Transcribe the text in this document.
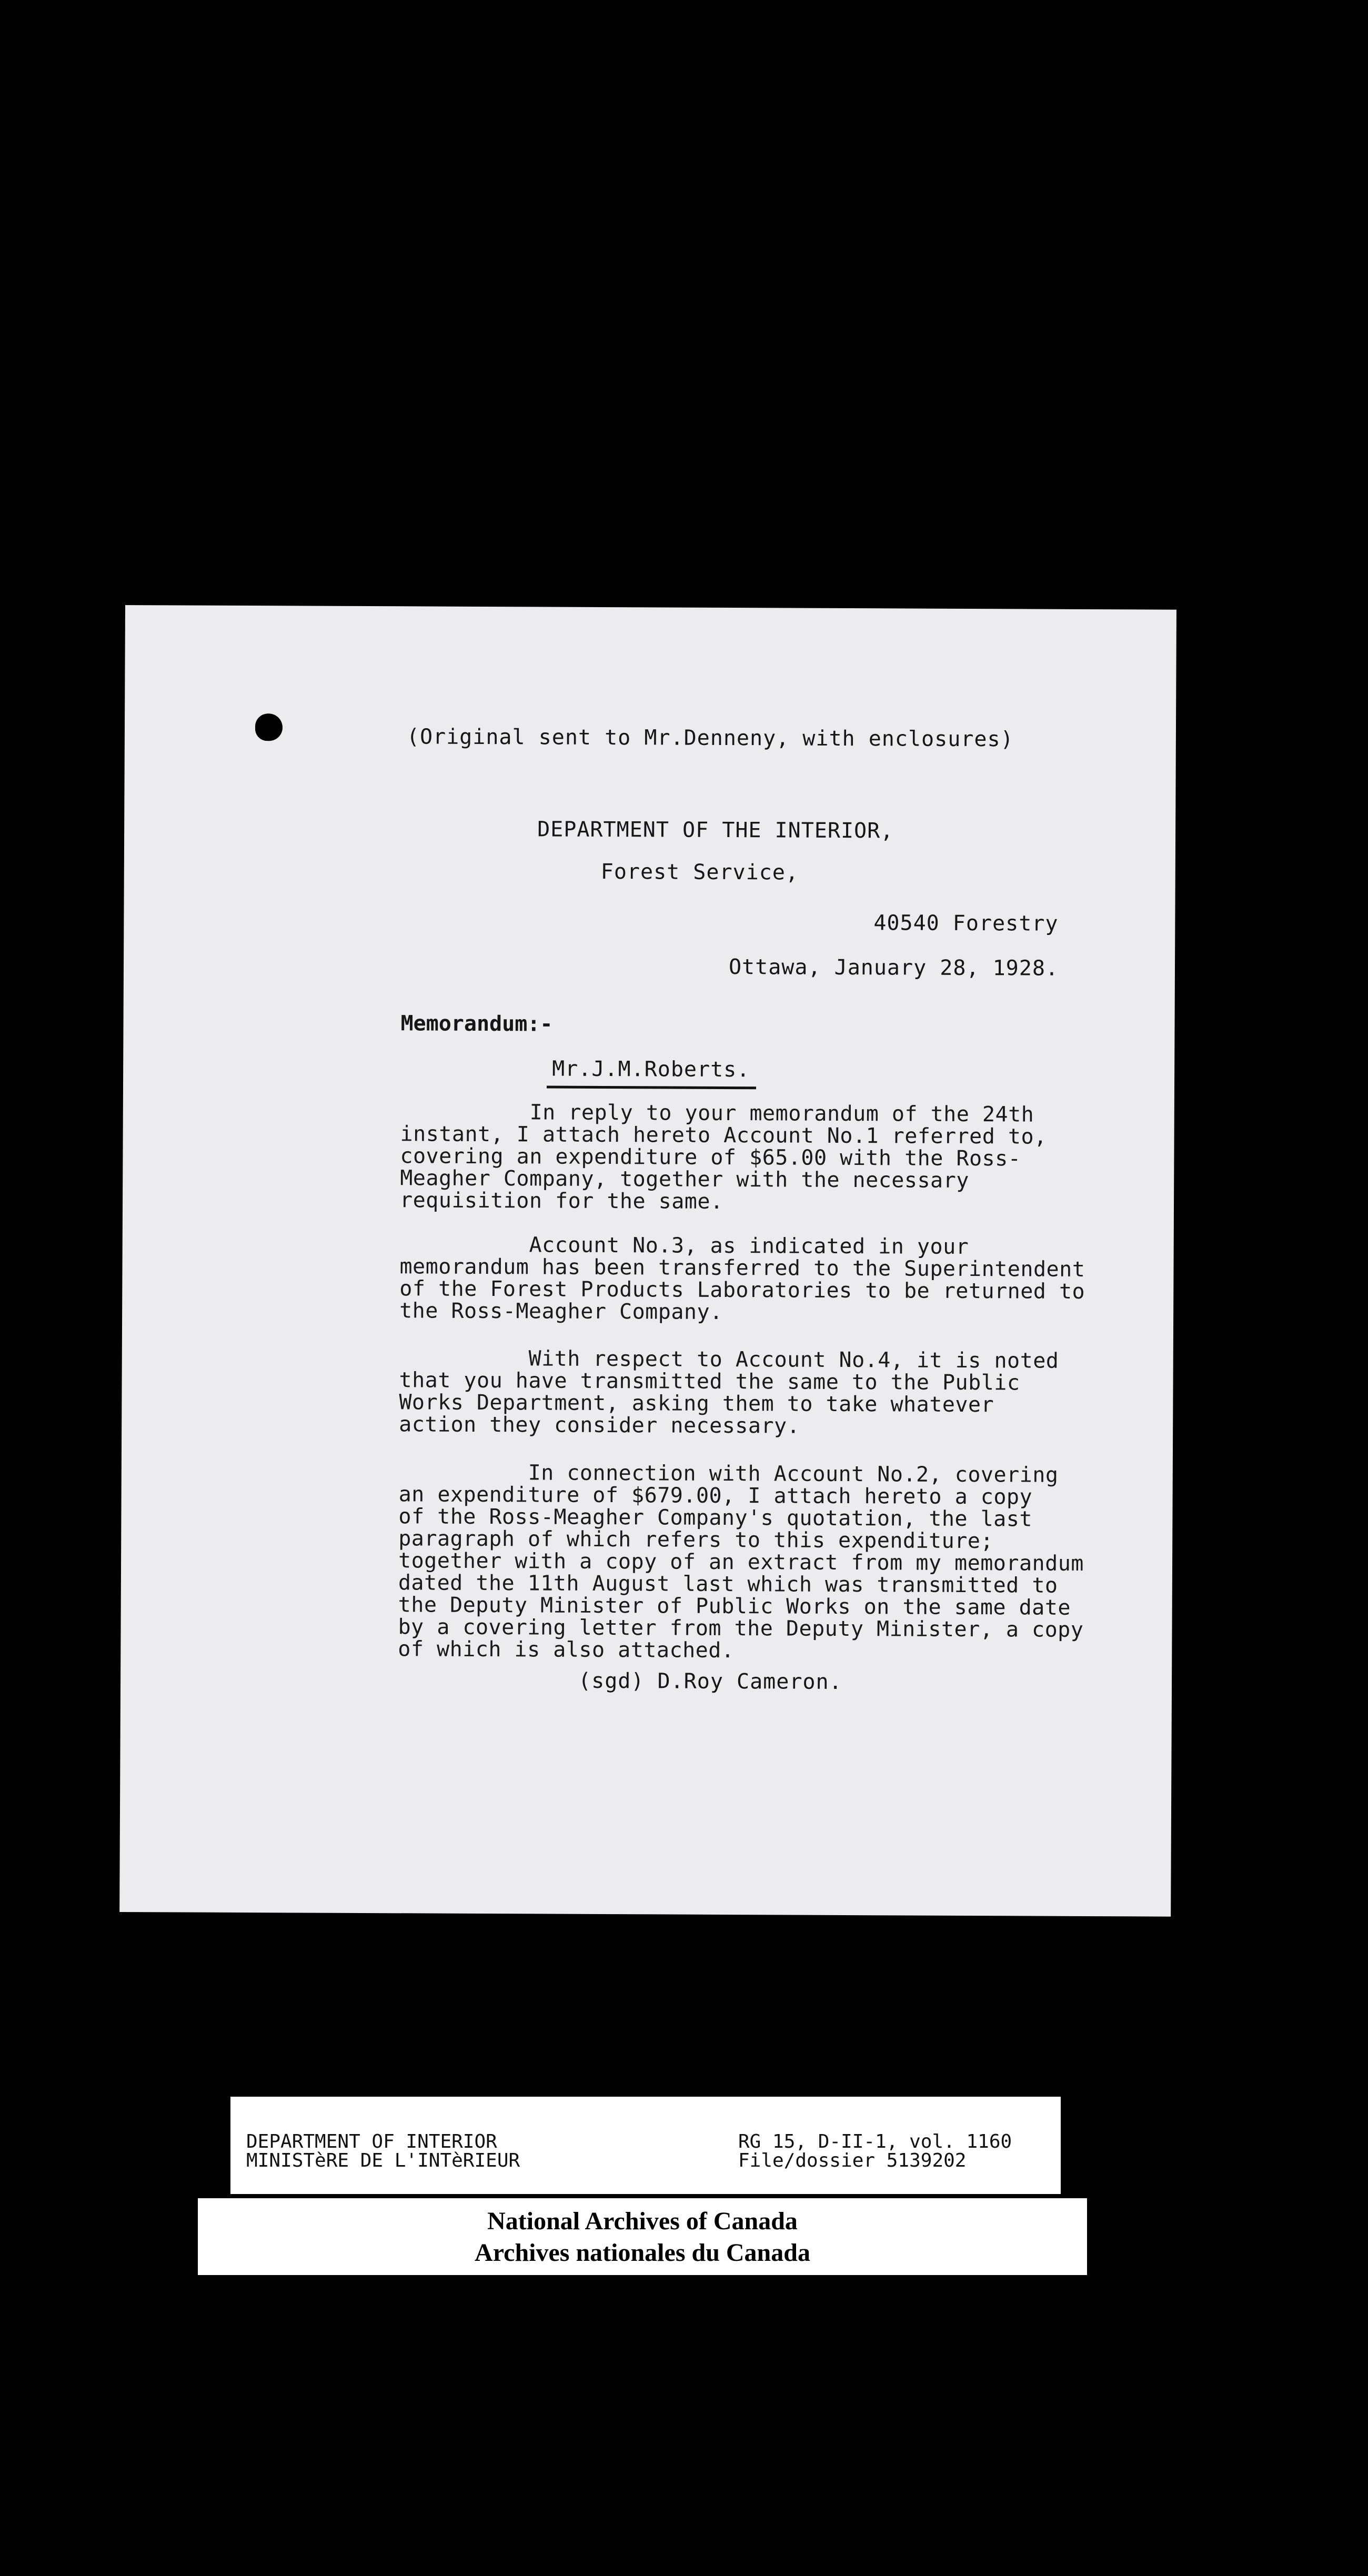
(Original sent to Mr.Denneny, with enclosures)
DEPARTMENT OF THE INTERIOR,
Forest Service,
40540 Forestry
Ottawa, January 28, 1928.
Memorandum:-
Mr.J.M.Roberts.
In reply to your memorandum of the 24th
instant, I attach hereto Account No.1 referred to,
covering an expenditure of $65.00 with the Ross-
Meagher Company, together with the necessary
requisition for the same.
Account No.3, as indicated in your
memorandum has been transferred to the Superintendent
of the Forest Products Laboratories to be returned to
the Ross-Meagher Company.
With respect to Account No.4, it is noted
that you have transmitted the same to the Public
Works Department, asking them to take whatever
action they consider necessary.
In connection with Account No.2, covering
an expenditure of $679.00, I attach hereto a copy
of the Ross-Meagher Company's quotation, the last
paragraph of which refers to this expenditure;
together with a copy of an extract from my memorandum
dated the 11th August last which was transmitted to
the Deputy Minister of Public Works on the same date
by a covering letter from the Deputy Minister, a copy
of which is also attached.
(sgd) D.Roy Cameron.
DEPARTMENT OF INTERIOR
MINISTèRE DE L'INTèRIEUR
RG 15, D-II-1, vol. 1160
File/dossier 5139202
National Archives of Canada
Archives nationales du Canada
